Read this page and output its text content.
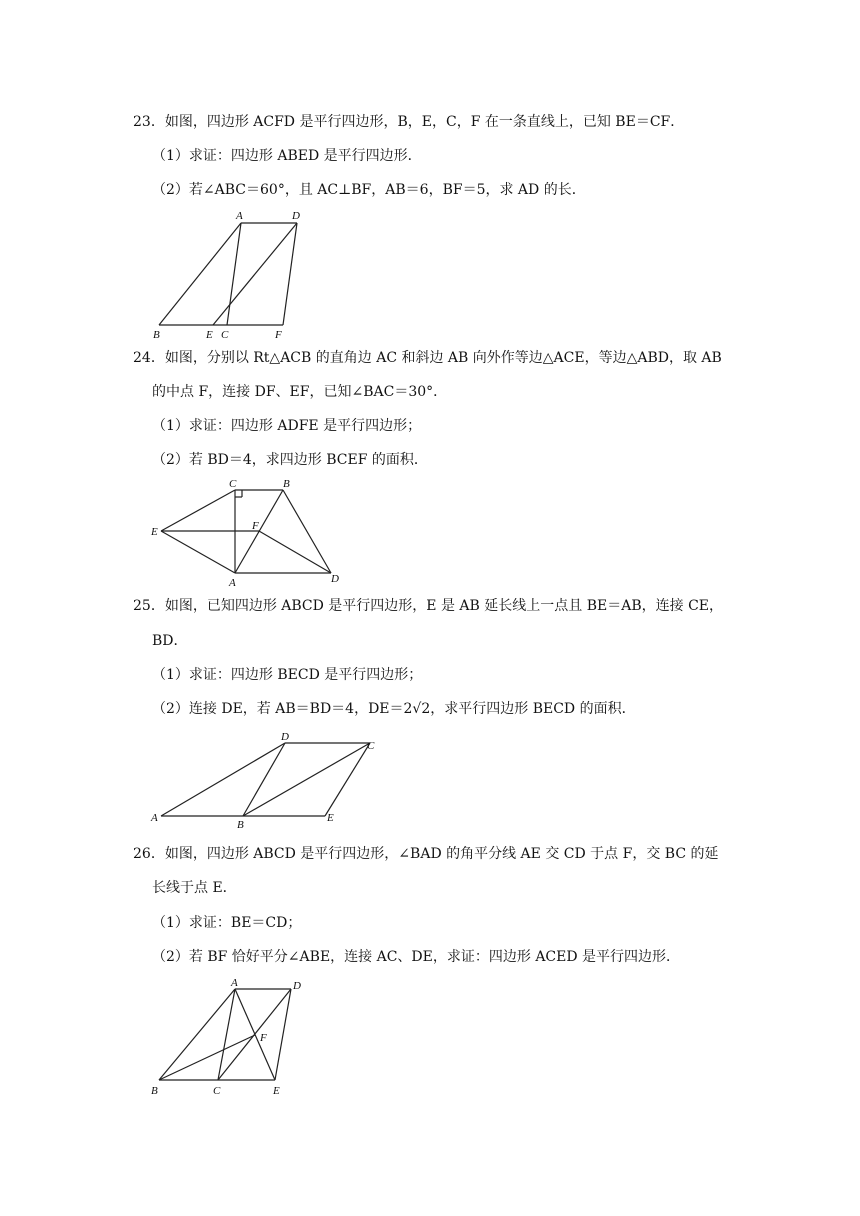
23．如图，四边形 ACFD 是平行四边形，B，E，C，F 在一条直线上，已知 BE＝CF．
（1）求证：四边形 ABED 是平行四边形．
（2）若∠ABC＝60°，且 AC⊥BF，AB＝6，BF＝5，求 AD 的长．
A	D
B	E C	F
24．如图，分别以 Rt△ACB 的直角边 AC 和斜边 AB 向外作等边△ACE，等边△ABD，取 AB
的中点 F，连接 DF、EF，已知∠BAC＝30°．
（1）求证：四边形 ADFE 是平行四边形；
（2）若 BD＝4，求四边形 BCEF 的面积．
C	B
E	F
A	D
25．如图，已知四边形 ABCD 是平行四边形，E 是 AB 延长线上一点且 BE＝AB，连接 CE，
BD．
（1）求证：四边形 BECD 是平行四边形；
（2）连接 DE，若 AB＝BD＝4，DE＝2√2，求平行四边形 BECD 的面积．
D
C
A
B
E
26．如图，四边形 ABCD 是平行四边形，∠BAD 的角平分线 AE 交 CD 于点 F，交 BC 的延
长线于点 E．
（1）求证：BE＝CD；
（2）若 BF 恰好平分∠ABE，连接 AC、DE，求证：四边形 ACED 是平行四边形．
A	D
F
B	C	E
